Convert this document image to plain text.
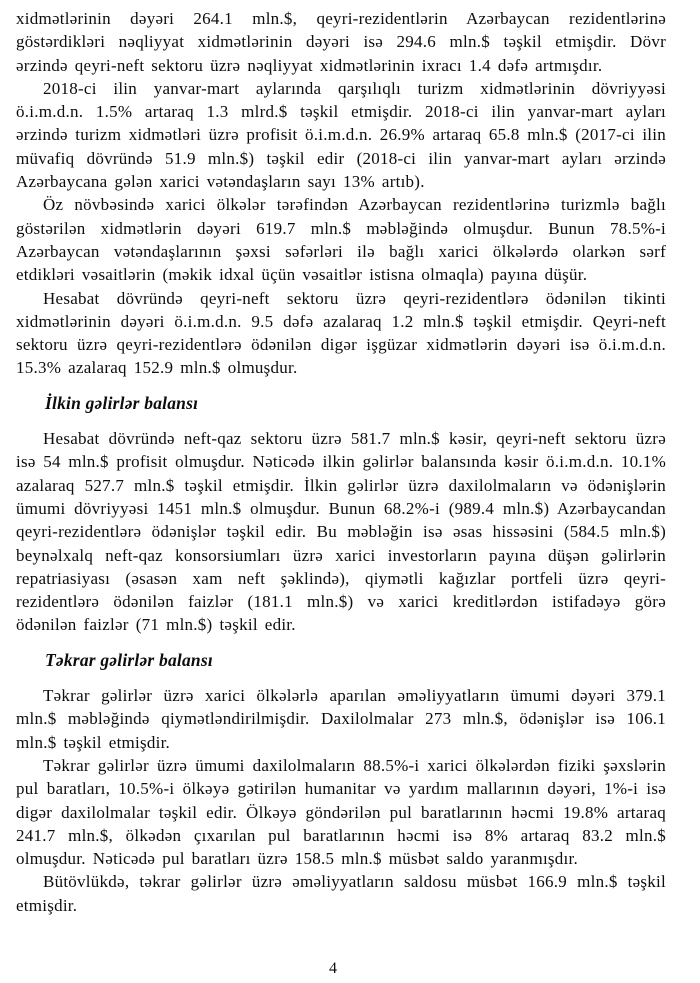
xidmətlərinin dəyəri 264.1 mln.$, qeyri-rezidentlərin Azərbaycan rezidentlərinə göstərdikləri nəqliyyat xidmətlərinin dəyəri isə 294.6 mln.$ təşkil etmişdir. Dövr ərzində qeyri-neft sektoru üzrə nəqliyyat xidmətlərinin ixracı 1.4 dəfə artmışdır.

2018-ci ilin yanvar-mart aylarında qarşılıqlı turizm xidmətlərinin dövriyyəsi ö.i.m.d.n. 1.5% artaraq 1.3 mlrd.$ təşkil etmişdir. 2018-ci ilin yanvar-mart ayları ərzində turizm xidmətləri üzrə profisit ö.i.m.d.n. 26.9% artaraq 65.8 mln.$ (2017-ci ilin müvafiq dövründə 51.9 mln.$) təşkil edir (2018-ci ilin yanvar-mart ayları ərzində Azərbaycana gələn xarici vətəndaşların sayı 13% artıb).

Öz növbəsində xarici ölkələr tərəfindən Azərbaycan rezidentlərinə turizmlə bağlı göstərilən xidmətlərin dəyəri 619.7 mln.$ məbləğində olmuşdur. Bunun 78.5%-i Azərbaycan vətəndaşlarının şəxsi səfərləri ilə bağlı xarici ölkələrdə olarkən sərf etdikləri vəsaitlərin (məkik idxal üçün vəsaitlər istisna olmaqla) payına düşür.

Hesabat dövründə qeyri-neft sektoru üzrə qeyri-rezidentlərə ödənilən tikinti xidmətlərinin dəyəri ö.i.m.d.n. 9.5 dəfə azalaraq 1.2 mln.$ təşkil etmişdir. Qeyri-neft sektoru üzrə qeyri-rezidentlərə ödənilən digər işgüzar xidmətlərin dəyəri isə ö.i.m.d.n. 15.3% azalaraq 152.9 mln.$ olmuşdur.

İlkin gəlirlər balansı

Hesabat dövründə neft-qaz sektoru üzrə 581.7 mln.$ kəsir, qeyri-neft sektoru üzrə isə 54 mln.$ profisit olmuşdur. Nəticədə ilkin gəlirlər balansında kəsir ö.i.m.d.n. 10.1% azalaraq 527.7 mln.$ təşkil etmişdir. İlkin gəlirlər üzrə daxilolmaların və ödənişlərin ümumi dövriyyəsi 1451 mln.$ olmuşdur. Bunun 68.2%-i (989.4 mln.$) Azərbaycandan qeyri-rezidentlərə ödənişlər təşkil edir. Bu məbləğin isə əsas hissəsini (584.5 mln.$) beynəlxalq neft-qaz konsorsiumları üzrə xarici investorların payına düşən gəlirlərin repatriasiyası (əsasən xam neft şəklində), qiymətli kağızlar portfeli üzrə qeyri-rezidentlərə ödənilən faizlər (181.1 mln.$) və xarici kreditlərdən istifadəyə görə ödənilən faizlər (71 mln.$) təşkil edir.

Təkrar gəlirlər balansı

Təkrar gəlirlər üzrə xarici ölkələrlə aparılan əməliyyatların ümumi dəyəri 379.1 mln.$ məbləğində qiymətləndirilmişdir. Daxilolmalar 273 mln.$, ödənişlər isə 106.1 mln.$ təşkil etmişdir.

Təkrar gəlirlər üzrə ümumi daxilolmaların 88.5%-i xarici ölkələrdən fiziki şəxslərin pul baratları, 10.5%-i ölkəyə gətirilən humanitar və yardım mallarının dəyəri, 1%-i isə digər daxilolmalar təşkil edir. Ölkəyə göndərilən pul baratlarının həcmi 19.8% artaraq 241.7 mln.$, ölkədən çıxarılan pul baratlarının həcmi isə 8% artaraq 83.2 mln.$ olmuşdur. Nəticədə pul baratları üzrə 158.5 mln.$ müsbət saldo yaranmışdır.

Bütövlükdə, təkrar gəlirlər üzrə əməliyyatların saldosu müsbət 166.9 mln.$ təşkil etmişdir.

4
